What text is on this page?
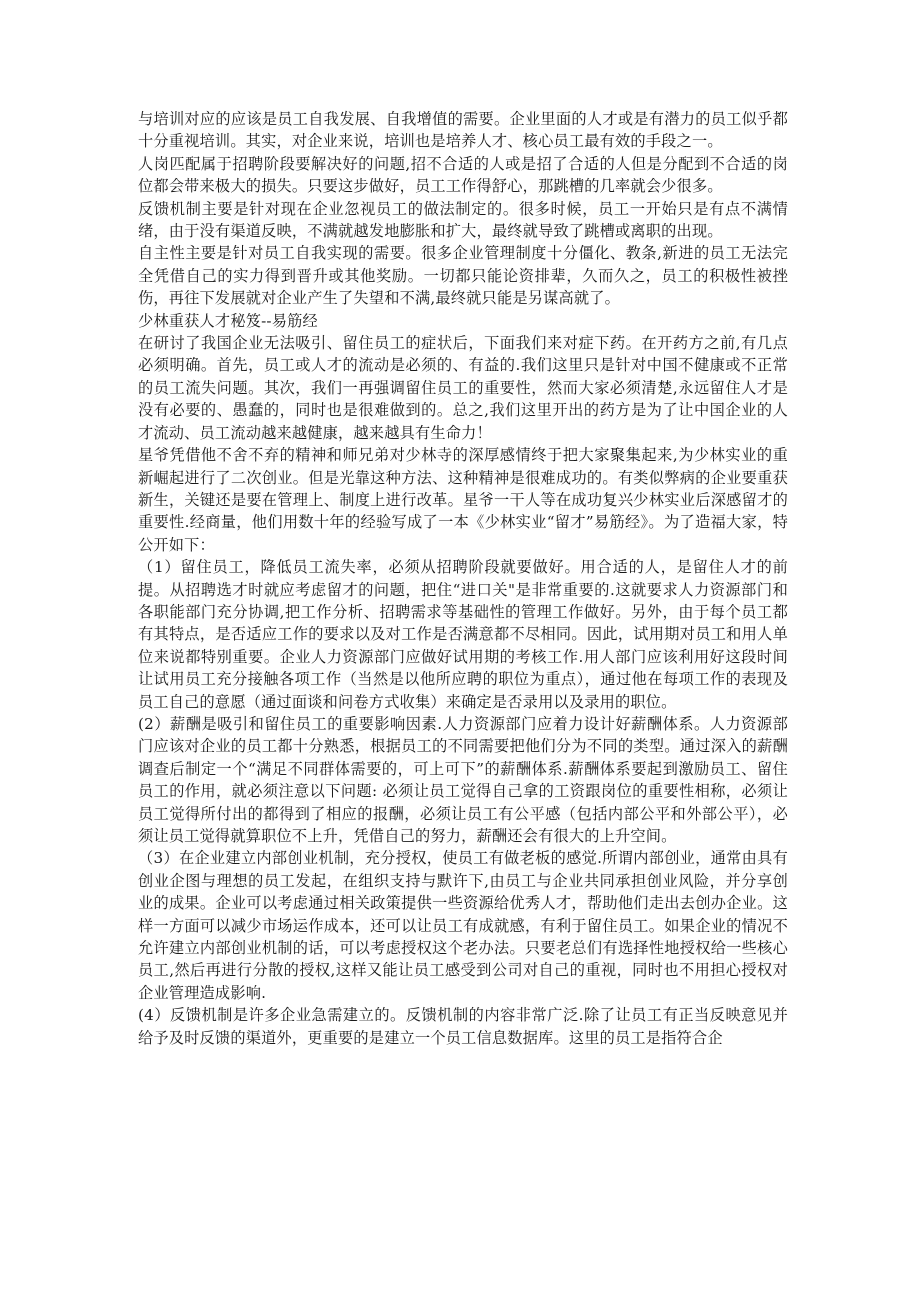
与培训对应的应该是员工自我发展、自我增值的需要。企业里面的人才或是有潜力的员工似乎都十分重视培训。其实，对企业来说，培训也是培养人才、核心员工最有效的手段之一。

人岗匹配属于招聘阶段要解决好的问题,招不合适的人或是招了合适的人但是分配到不合适的岗位都会带来极大的损失。只要这步做好，员工工作得舒心，那跳槽的几率就会少很多。

反馈机制主要是针对现在企业忽视员工的做法制定的。很多时候，员工一开始只是有点不满情绪，由于没有渠道反映，不满就越发地膨胀和扩大，最终就导致了跳槽或离职的出现。

自主性主要是针对员工自我实现的需要。很多企业管理制度十分僵化、教条,新进的员工无法完全凭借自己的实力得到晋升或其他奖励。一切都只能论资排辈，久而久之，员工的积极性被挫伤，再往下发展就对企业产生了失望和不满,最终就只能是另谋高就了。

少林重获人才秘笈--易筋经

在研讨了我国企业无法吸引、留住员工的症状后，下面我们来对症下药。在开药方之前,有几点必须明确。首先，员工或人才的流动是必须的、有益的.我们这里只是针对中国不健康或不正常的员工流失问题。其次，我们一再强调留住员工的重要性，然而大家必须清楚,永远留住人才是没有必要的、愚蠢的，同时也是很难做到的。总之,我们这里开出的药方是为了让中国企业的人才流动、员工流动越来越健康，越来越具有生命力！

星爷凭借他不舍不弃的精神和师兄弟对少林寺的深厚感情终于把大家聚集起来,为少林实业的重新崛起进行了二次创业。但是光靠这种方法、这种精神是很难成功的。有类似弊病的企业要重获新生，关键还是要在管理上、制度上进行改革。星爷一干人等在成功复兴少林实业后深感留才的重要性.经商量，他们用数十年的经验写成了一本《少林实业“留才”易筋经》。为了造福大家，特公开如下：

（1）留住员工，降低员工流失率，必须从招聘阶段就要做好。用合适的人，是留住人才的前提。从招聘选才时就应考虑留才的问题，把住“进口关"是非常重要的.这就要求人力资源部门和各职能部门充分协调,把工作分析、招聘需求等基础性的管理工作做好。另外，由于每个员工都有其特点，是否适应工作的要求以及对工作是否满意都不尽相同。因此，试用期对员工和用人单位来说都特别重要。企业人力资源部门应做好试用期的考核工作.用人部门应该利用好这段时间让试用员工充分接触各项工作（当然是以他所应聘的职位为重点），通过他在每项工作的表现及员工自己的意愿（通过面谈和问卷方式收集）来确定是否录用以及录用的职位。

(2）薪酬是吸引和留住员工的重要影响因素.人力资源部门应着力设计好薪酬体系。人力资源部门应该对企业的员工都十分熟悉，根据员工的不同需要把他们分为不同的类型。通过深入的薪酬调查后制定一个“满足不同群体需要的，可上可下”的薪酬体系.薪酬体系要起到激励员工、留住员工的作用，就必须注意以下问题: 必须让员工觉得自己拿的工资跟岗位的重要性相称，必须让员工觉得所付出的都得到了相应的报酬，必须让员工有公平感（包括内部公平和外部公平），必须让员工觉得就算职位不上升，凭借自己的努力，薪酬还会有很大的上升空间。

（3）在企业建立内部创业机制，充分授权，使员工有做老板的感觉.所谓内部创业，通常由具有创业企图与理想的员工发起，在组织支持与默许下,由员工与企业共同承担创业风险，并分享创业的成果。企业可以考虑通过相关政策提供一些资源给优秀人才，帮助他们走出去创办企业。这样一方面可以减少市场运作成本，还可以让员工有成就感，有利于留住员工。如果企业的情况不允许建立内部创业机制的话，可以考虑授权这个老办法。只要老总们有选择性地授权给一些核心员工,然后再进行分散的授权,这样又能让员工感受到公司对自己的重视，同时也不用担心授权对企业管理造成影响.

(4）反馈机制是许多企业急需建立的。反馈机制的内容非常广泛.除了让员工有正当反映意见并给予及时反馈的渠道外，更重要的是建立一个员工信息数据库。这里的员工是指符合企
